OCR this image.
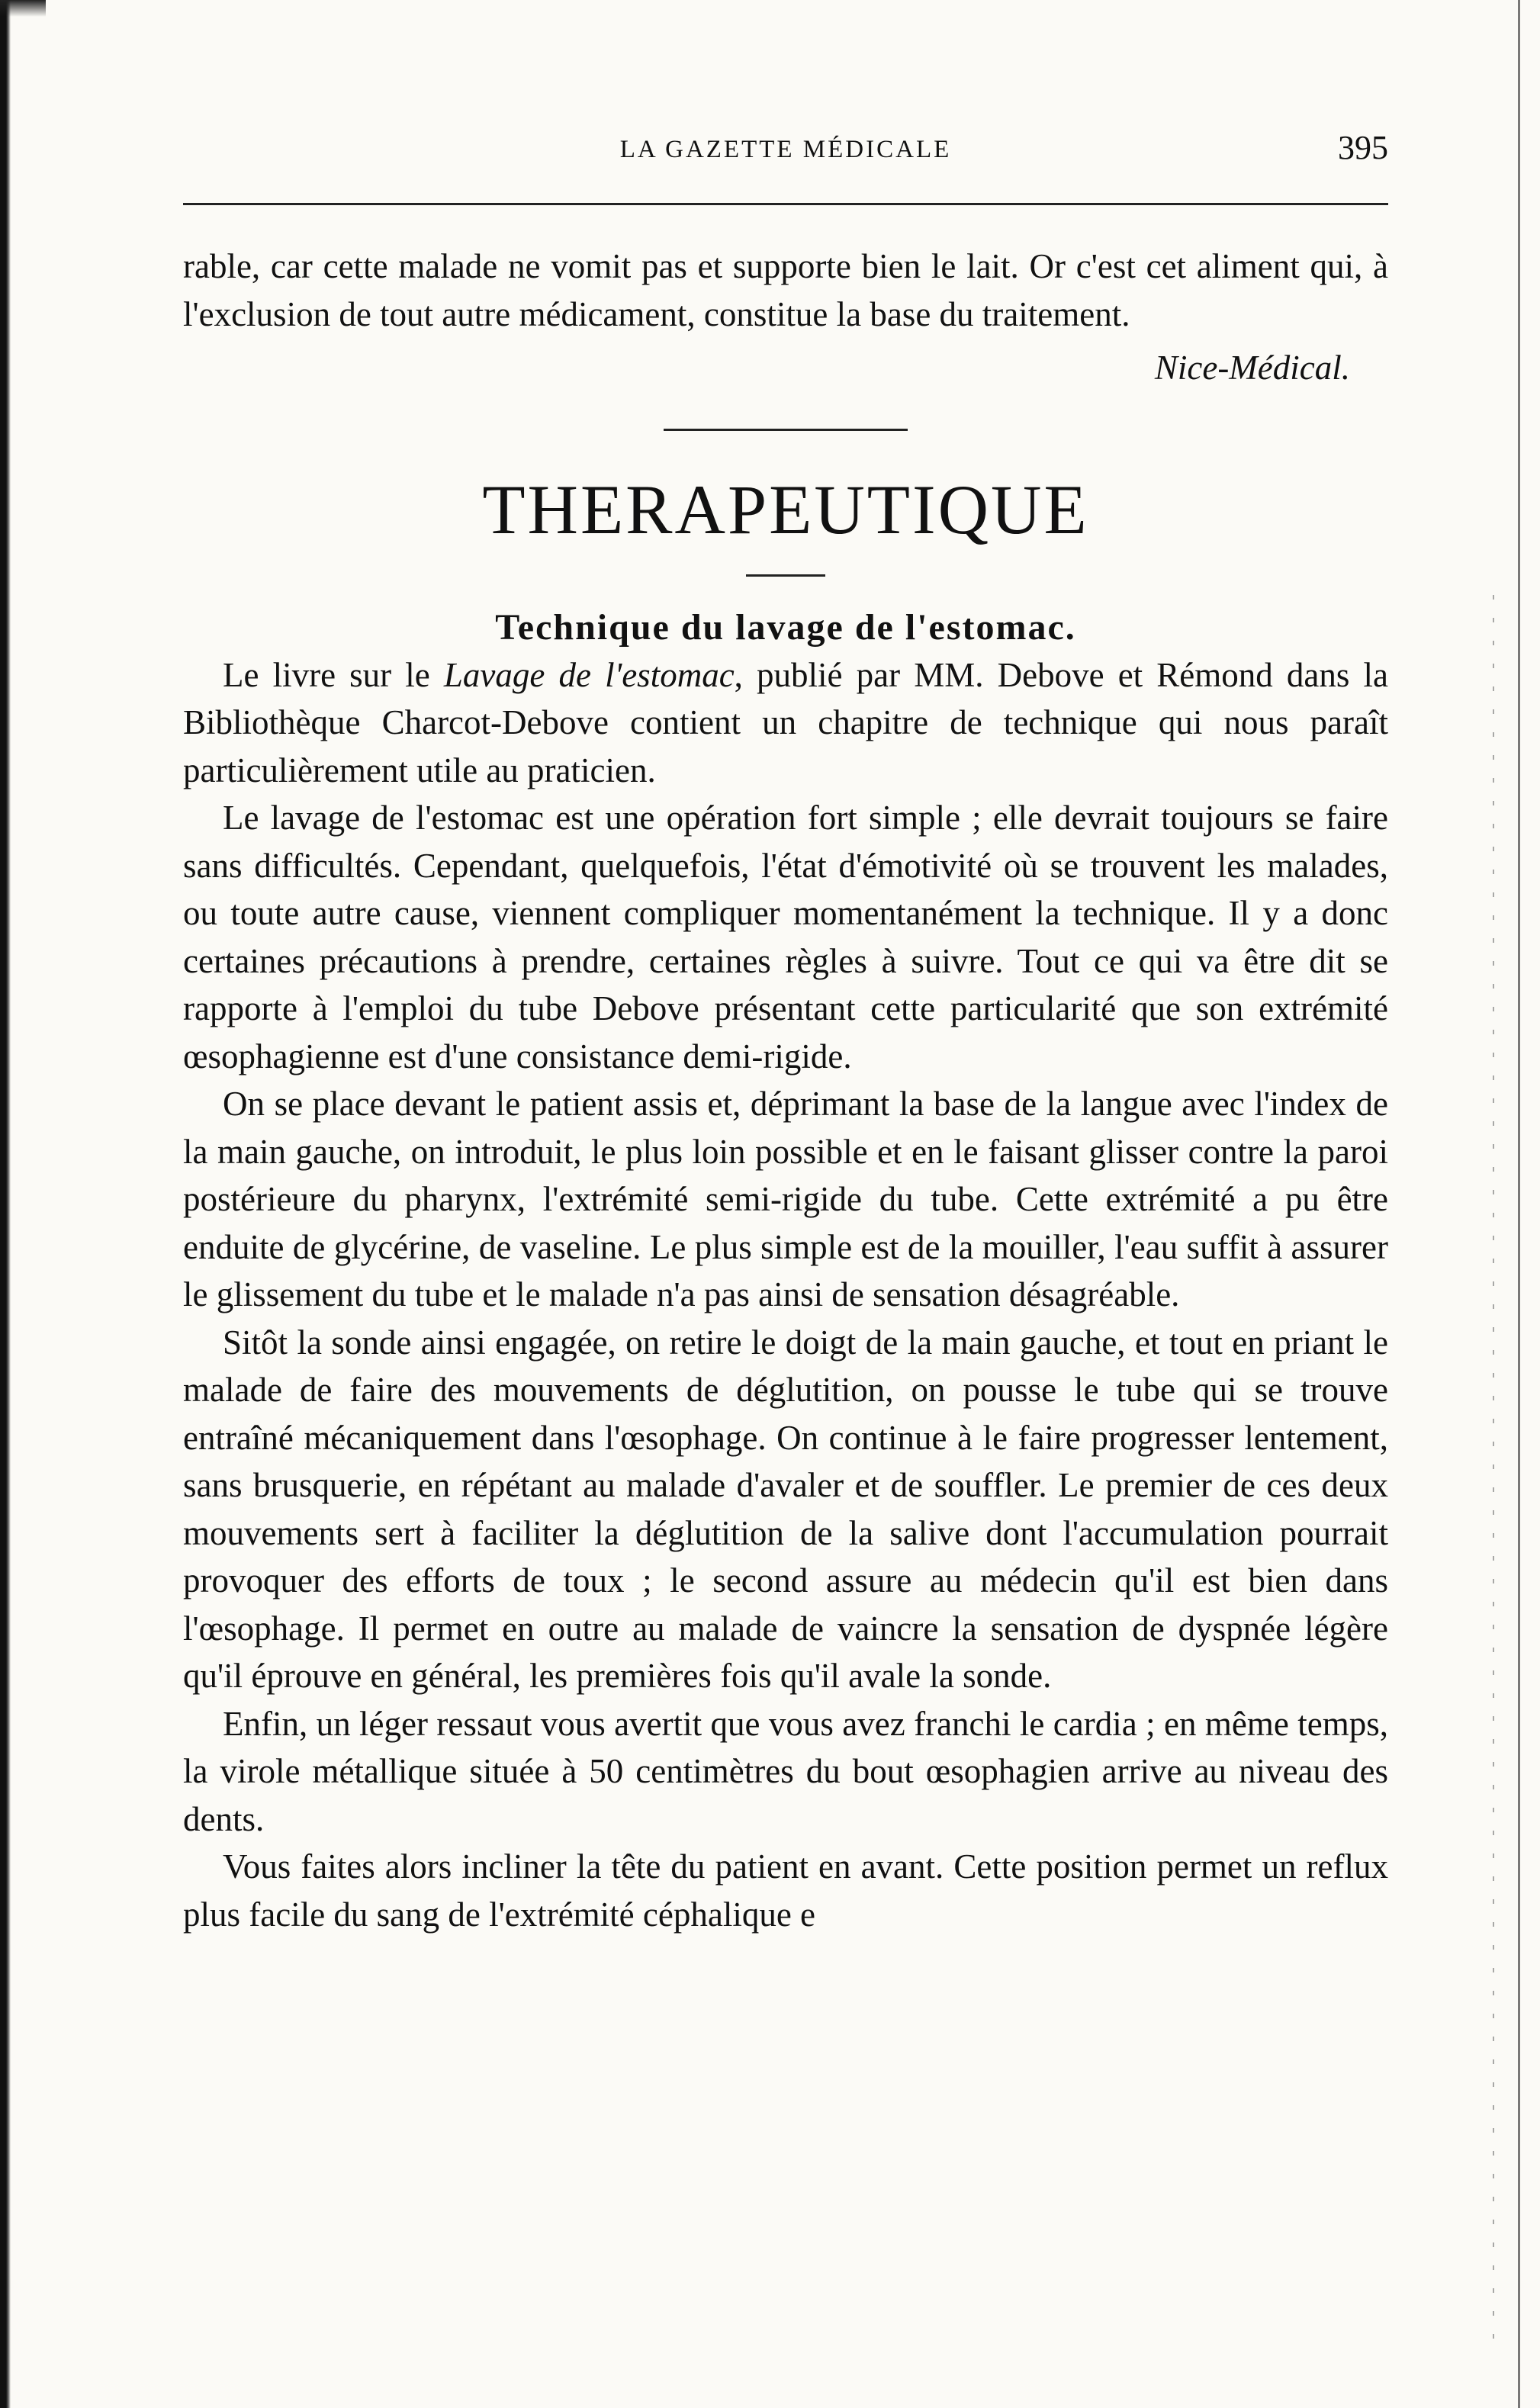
LA GAZETTE MÉDICALE	395

rable, car cette malade ne vomit pas et supporte bien le lait. Or c'est cet aliment qui, à l'exclusion de tout autre médicament, constitue la base du traitement.

Nice-Médical.

THERAPEUTIQUE

Technique du lavage de l'estomac.

Le livre sur le Lavage de l'estomac, publié par MM. Debove et Rémond dans la Bibliothèque Charcot-Debove contient un chapitre de technique qui nous paraît particulièrement utile au praticien.

Le lavage de l'estomac est une opération fort simple ; elle devrait toujours se faire sans difficultés. Cependant, quelquefois, l'état d'émotivité où se trouvent les malades, ou toute autre cause, viennent compliquer momentanément la technique. Il y a donc certaines précautions à prendre, certaines règles à suivre. Tout ce qui va être dit se rapporte à l'emploi du tube Debove présentant cette particularité que son extrémité œsophagienne est d'une consistance demi-rigide.

On se place devant le patient assis et, déprimant la base de la langue avec l'index de la main gauche, on introduit, le plus loin possible et en le faisant glisser contre la paroi postérieure du pharynx, l'extrémité semi-rigide du tube. Cette extrémité a pu être enduite de glycérine, de vaseline. Le plus simple est de la mouiller, l'eau suffit à assurer le glissement du tube et le malade n'a pas ainsi de sensation désagréable.

Sitôt la sonde ainsi engagée, on retire le doigt de la main gauche, et tout en priant le malade de faire des mouvements de déglutition, on pousse le tube qui se trouve entraîné mécaniquement dans l'œsophage. On continue à le faire progresser lentement, sans brusquerie, en répétant au malade d'avaler et de souffler. Le premier de ces deux mouvements sert à faciliter la déglutition de la salive dont l'accumulation pourrait provoquer des efforts de toux ; le second assure au médecin qu'il est bien dans l'œsophage. Il permet en outre au malade de vaincre la sensation de dyspnée légère qu'il éprouve en général, les premières fois qu'il avale la sonde.

Enfin, un léger ressaut vous avertit que vous avez franchi le cardia ; en même temps, la virole métallique située à 50 centimètres du bout œsophagien arrive au niveau des dents.

Vous faites alors incliner la tête du patient en avant. Cette position permet un reflux plus facile du sang de l'extrémité céphalique e
